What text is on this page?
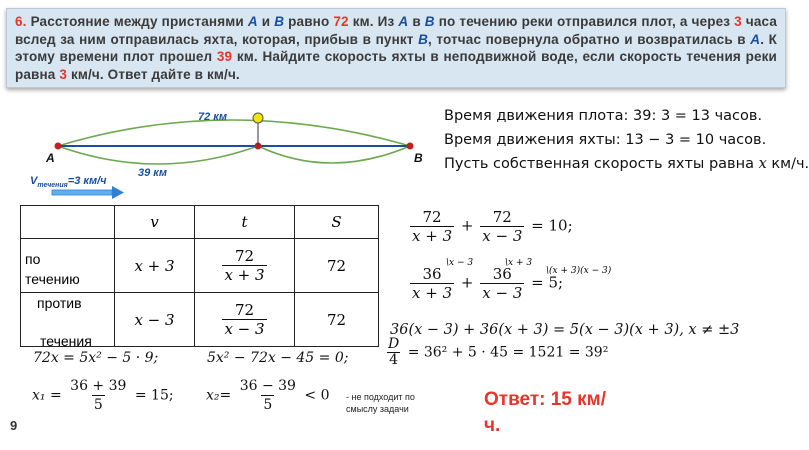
6. Расстояние между пристанями А и В равно 72 км. Из А в В по течению реки отправился плот, а через 3 часа вслед за ним отправилась яхта, которая, прибыв в пункт В, тотчас повернула обратно и возвратилась в А. К этому времени плот прошел 39 км. Найдите скорость яхты в неподвижной воде, если скорость течения реки равна 3 км/ч. Ответ дайте в км/ч.
72 км
39 км
A	B
$V_{течения}=3$ км/ч
Время движения плота: 39: 3 = 13 часов.
Время движения яхты: 13 − 3 = 10 часов.
Пусть собственная скорость яхты равна x км/ч.
	v	t	S

по течению	x + 3	$\frac{72}{x + 3}$	72

против	x − 3	$\frac{72}{x - 3}$	72
течения
$\frac{72}{x + 3} + \frac{72}{x - 3} = 10$;
$\frac{36}{x + 3} + \frac{36}{x - 3} = 5$;
\x − 3	\x + 3
\(x + 3)(x − 3)
36(x − 3) + 36(x + 3) = 5(x − 3)(x + 3), x ≠ ±3
72x = 5x² − 5 · 9;	5x² − 72x − 45 = 0;	$\frac{D}{4} = 36^2 + 5 \cdot 45 = 1521 = 39^2$
$x_1 = \frac{36 + 39}{5} = 15$; $x_2= \frac{36 - 39}{5} < 0$ - не подходит по смыслу задачи	Ответ: 15 км/ч.
9
